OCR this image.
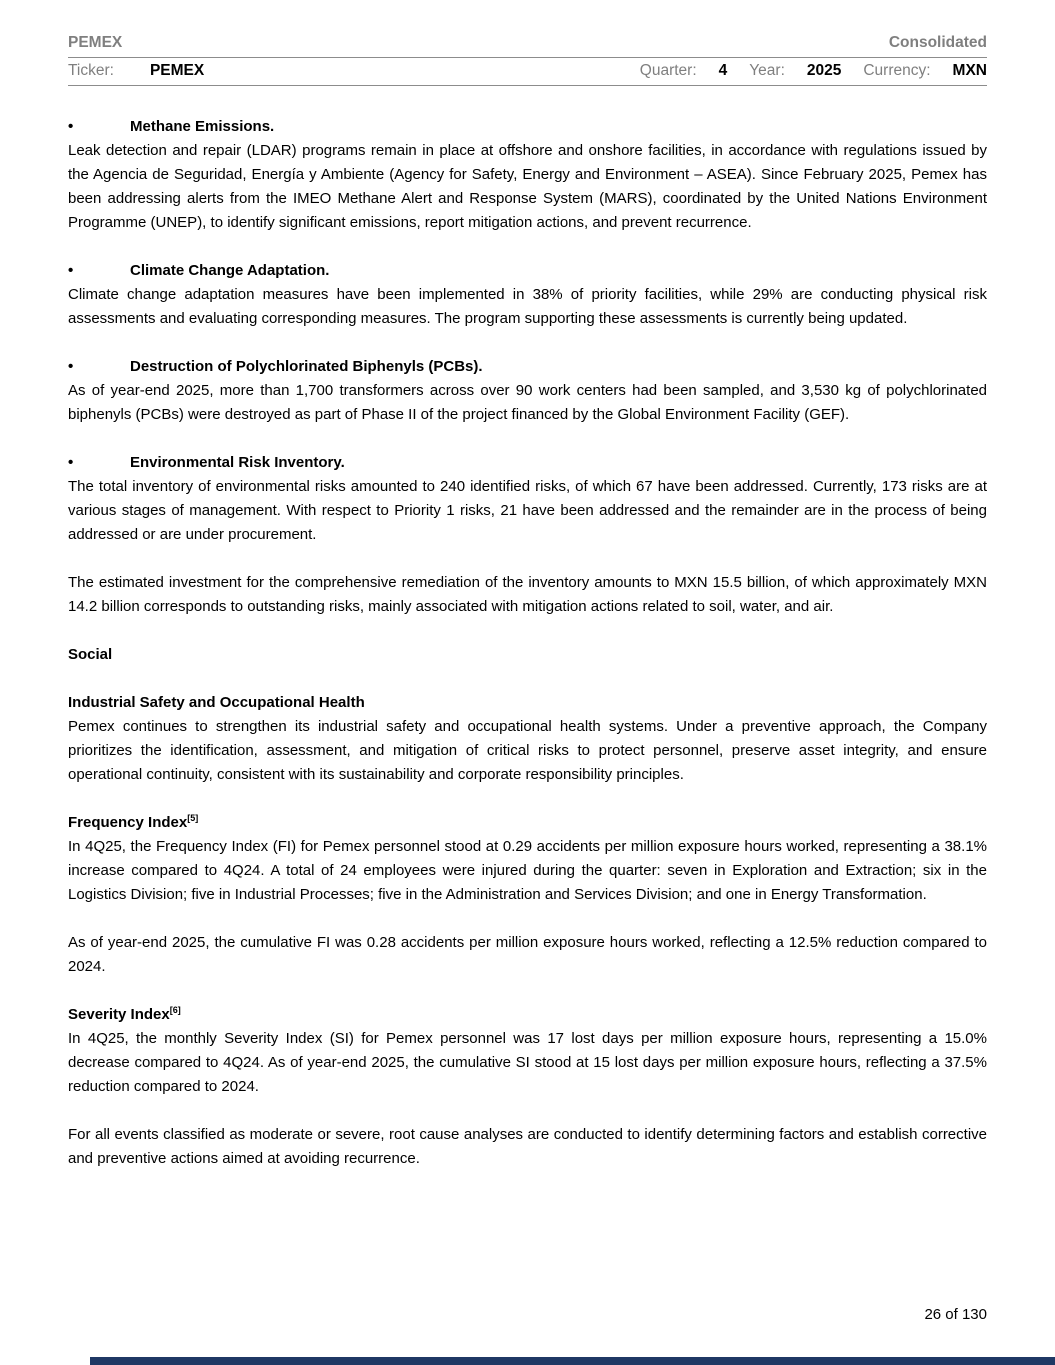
PEMEX	Consolidated
Ticker: PEMEX	Quarter: 4 Year: 2025 Currency: MXN
•	Methane Emissions.

Leak detection and repair (LDAR) programs remain in place at offshore and onshore facilities, in accordance with regulations issued by the Agencia de Seguridad, Energía y Ambiente (Agency for Safety, Energy and Environment – ASEA). Since February 2025, Pemex has been addressing alerts from the IMEO Methane Alert and Response System (MARS), coordinated by the United Nations Environment Programme (UNEP), to identify significant emissions, report mitigation actions, and prevent recurrence.

•	Climate Change Adaptation.

Climate change adaptation measures have been implemented in 38% of priority facilities, while 29% are conducting physical risk assessments and evaluating corresponding measures. The program supporting these assessments is currently being updated.

•	Destruction of Polychlorinated Biphenyls (PCBs).

As of year-end 2025, more than 1,700 transformers across over 90 work centers had been sampled, and 3,530 kg of polychlorinated biphenyls (PCBs) were destroyed as part of Phase II of the project financed by the Global Environment Facility (GEF).

•	Environmental Risk Inventory.

The total inventory of environmental risks amounted to 240 identified risks, of which 67 have been addressed. Currently, 173 risks are at various stages of management. With respect to Priority 1 risks, 21 have been addressed and the remainder are in the process of being addressed or are under procurement.

The estimated investment for the comprehensive remediation of the inventory amounts to MXN 15.5 billion, of which approximately MXN 14.2 billion corresponds to outstanding risks, mainly associated with mitigation actions related to soil, water, and air.

Social
Industrial Safety and Occupational Health

Pemex continues to strengthen its industrial safety and occupational health systems. Under a preventive approach, the Company prioritizes the identification, assessment, and mitigation of critical risks to protect personnel, preserve asset integrity, and ensure operational continuity, consistent with its sustainability and corporate responsibility principles.

Frequency Index[5]

In 4Q25, the Frequency Index (FI) for Pemex personnel stood at 0.29 accidents per million exposure hours worked, representing a 38.1% increase compared to 4Q24. A total of 24 employees were injured during the quarter: seven in Exploration and Extraction; six in the Logistics Division; five in Industrial Processes; five in the Administration and Services Division; and one in Energy Transformation.

As of year-end 2025, the cumulative FI was 0.28 accidents per million exposure hours worked, reflecting a 12.5% reduction compared to 2024.

Severity Index[6]

In 4Q25, the monthly Severity Index (SI) for Pemex personnel was 17 lost days per million exposure hours, representing a 15.0% decrease compared to 4Q24. As of year-end 2025, the cumulative SI stood at 15 lost days per million exposure hours, reflecting a 37.5% reduction compared to 2024.

For all events classified as moderate or severe, root cause analyses are conducted to identify determining factors and establish corrective and preventive actions aimed at avoiding recurrence.

26 of 130
